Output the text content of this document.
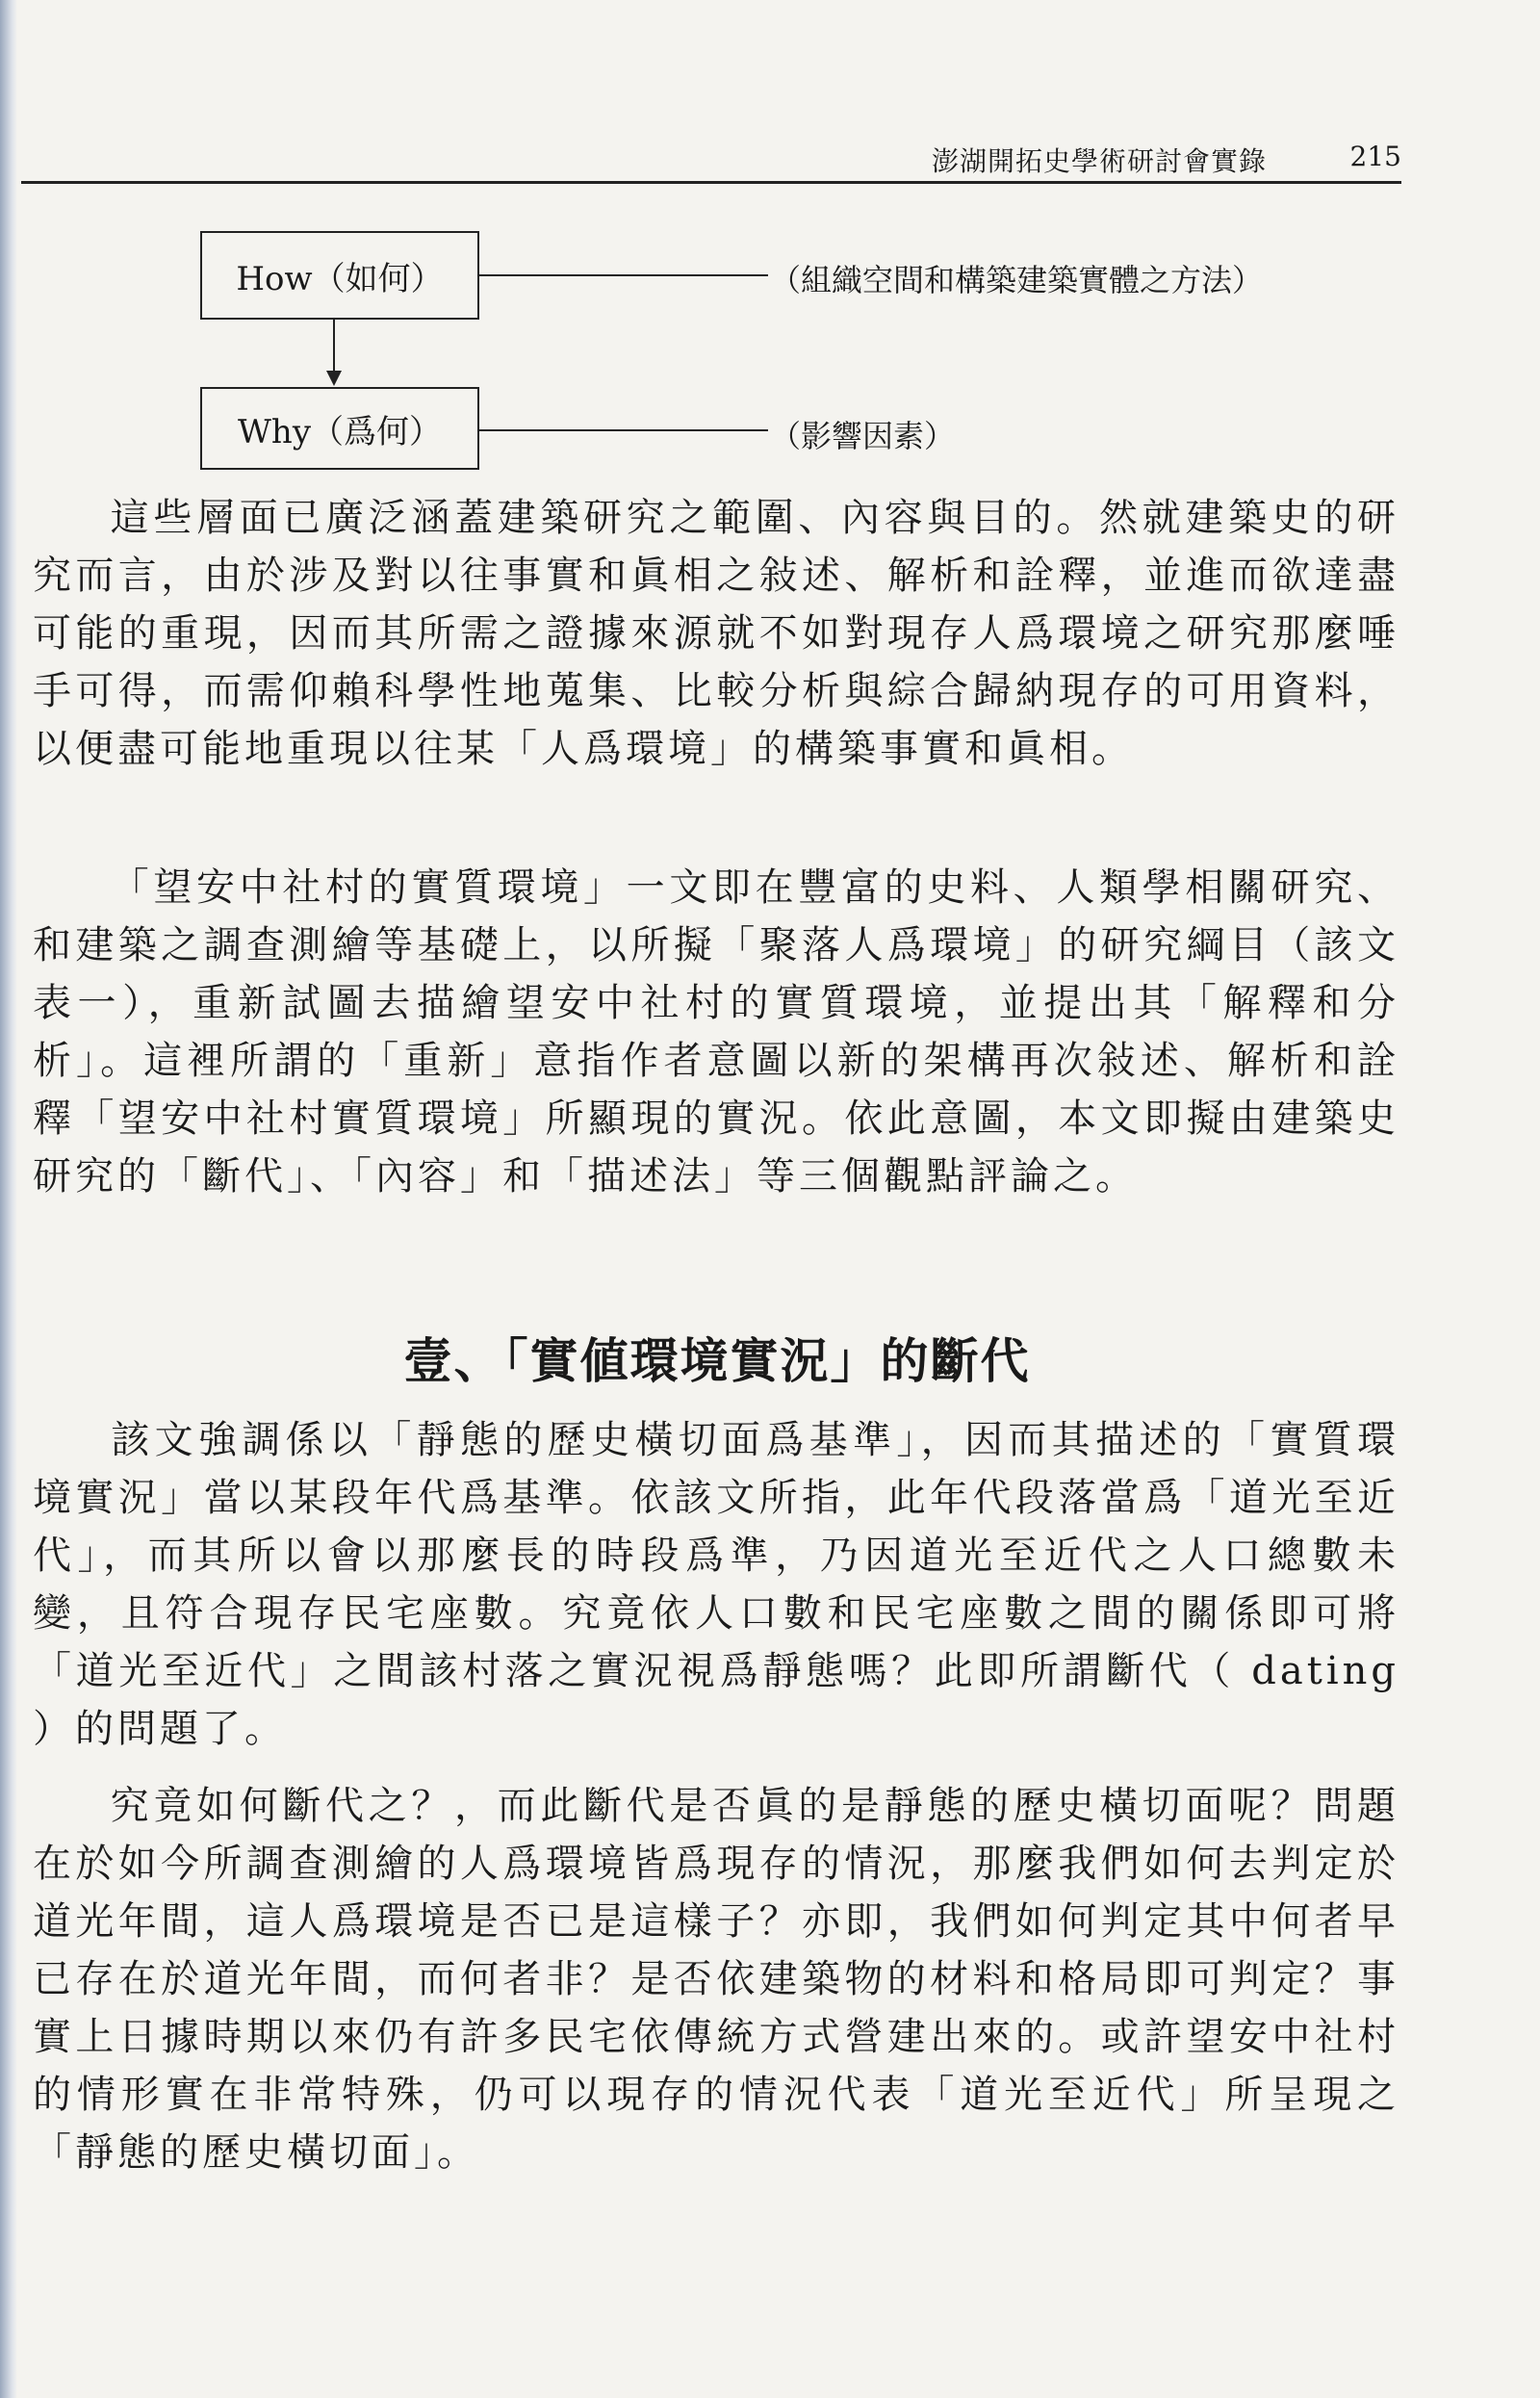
澎湖開拓史學術研討會實錄	215
How（如何）	（組織空間和構築建築實體之方法）
Why（爲何）	（影響因素）
這些層面已廣泛涵蓋建築研究之範圍、內容與目的。然就建築史的研究而言，由於涉及對以往事實和眞相之敍述、解析和詮釋，並進而欲達盡可能的重現，因而其所需之證據來源就不如對現存人爲環境之研究那麼唾手可得，而需仰賴科學性地蒐集、比較分析與綜合歸納現存的可用資料，以便盡可能地重現以往某「人爲環境」的構築事實和眞相。
「望安中社村的實質環境」一文即在豐富的史料、人類學相關研究、和建築之調查測繪等基礎上，以所擬「聚落人爲環境」的研究綱目（該文表一），重新試圖去描繪望安中社村的實質環境，並提出其「解釋和分析」。這裡所謂的「重新」意指作者意圖以新的架構再次敍述、解析和詮釋「望安中社村實質環境」所顯現的實況。依此意圖，本文即擬由建築史研究的「斷代」、「內容」和「描述法」等三個觀點評論之。
壹、「實値環境實況」的斷代
該文強調係以「靜態的歷史橫切面爲基準」，因而其描述的「實質環境實況」當以某段年代爲基準。依該文所指，此年代段落當爲「道光至近代」，而其所以會以那麼長的時段爲準，乃因道光至近代之人口總數未變，且符合現存民宅座數。究竟依人口數和民宅座數之間的關係即可將「道光至近代」之間該村落之實況視爲靜態嗎？此即所謂斷代（ dating ）的問題了。
究竟如何斷代之？，而此斷代是否眞的是靜態的歷史橫切面呢？問題在於如今所調查測繪的人爲環境皆爲現存的情況，那麼我們如何去判定於道光年間，這人爲環境是否已是這樣子？亦即，我們如何判定其中何者早已存在於道光年間，而何者非？是否依建築物的材料和格局即可判定？事實上日據時期以來仍有許多民宅依傳統方式營建出來的。或許望安中社村的情形實在非常特殊，仍可以現存的情況代表「道光至近代」所呈現之「靜態的歷史橫切面」。
